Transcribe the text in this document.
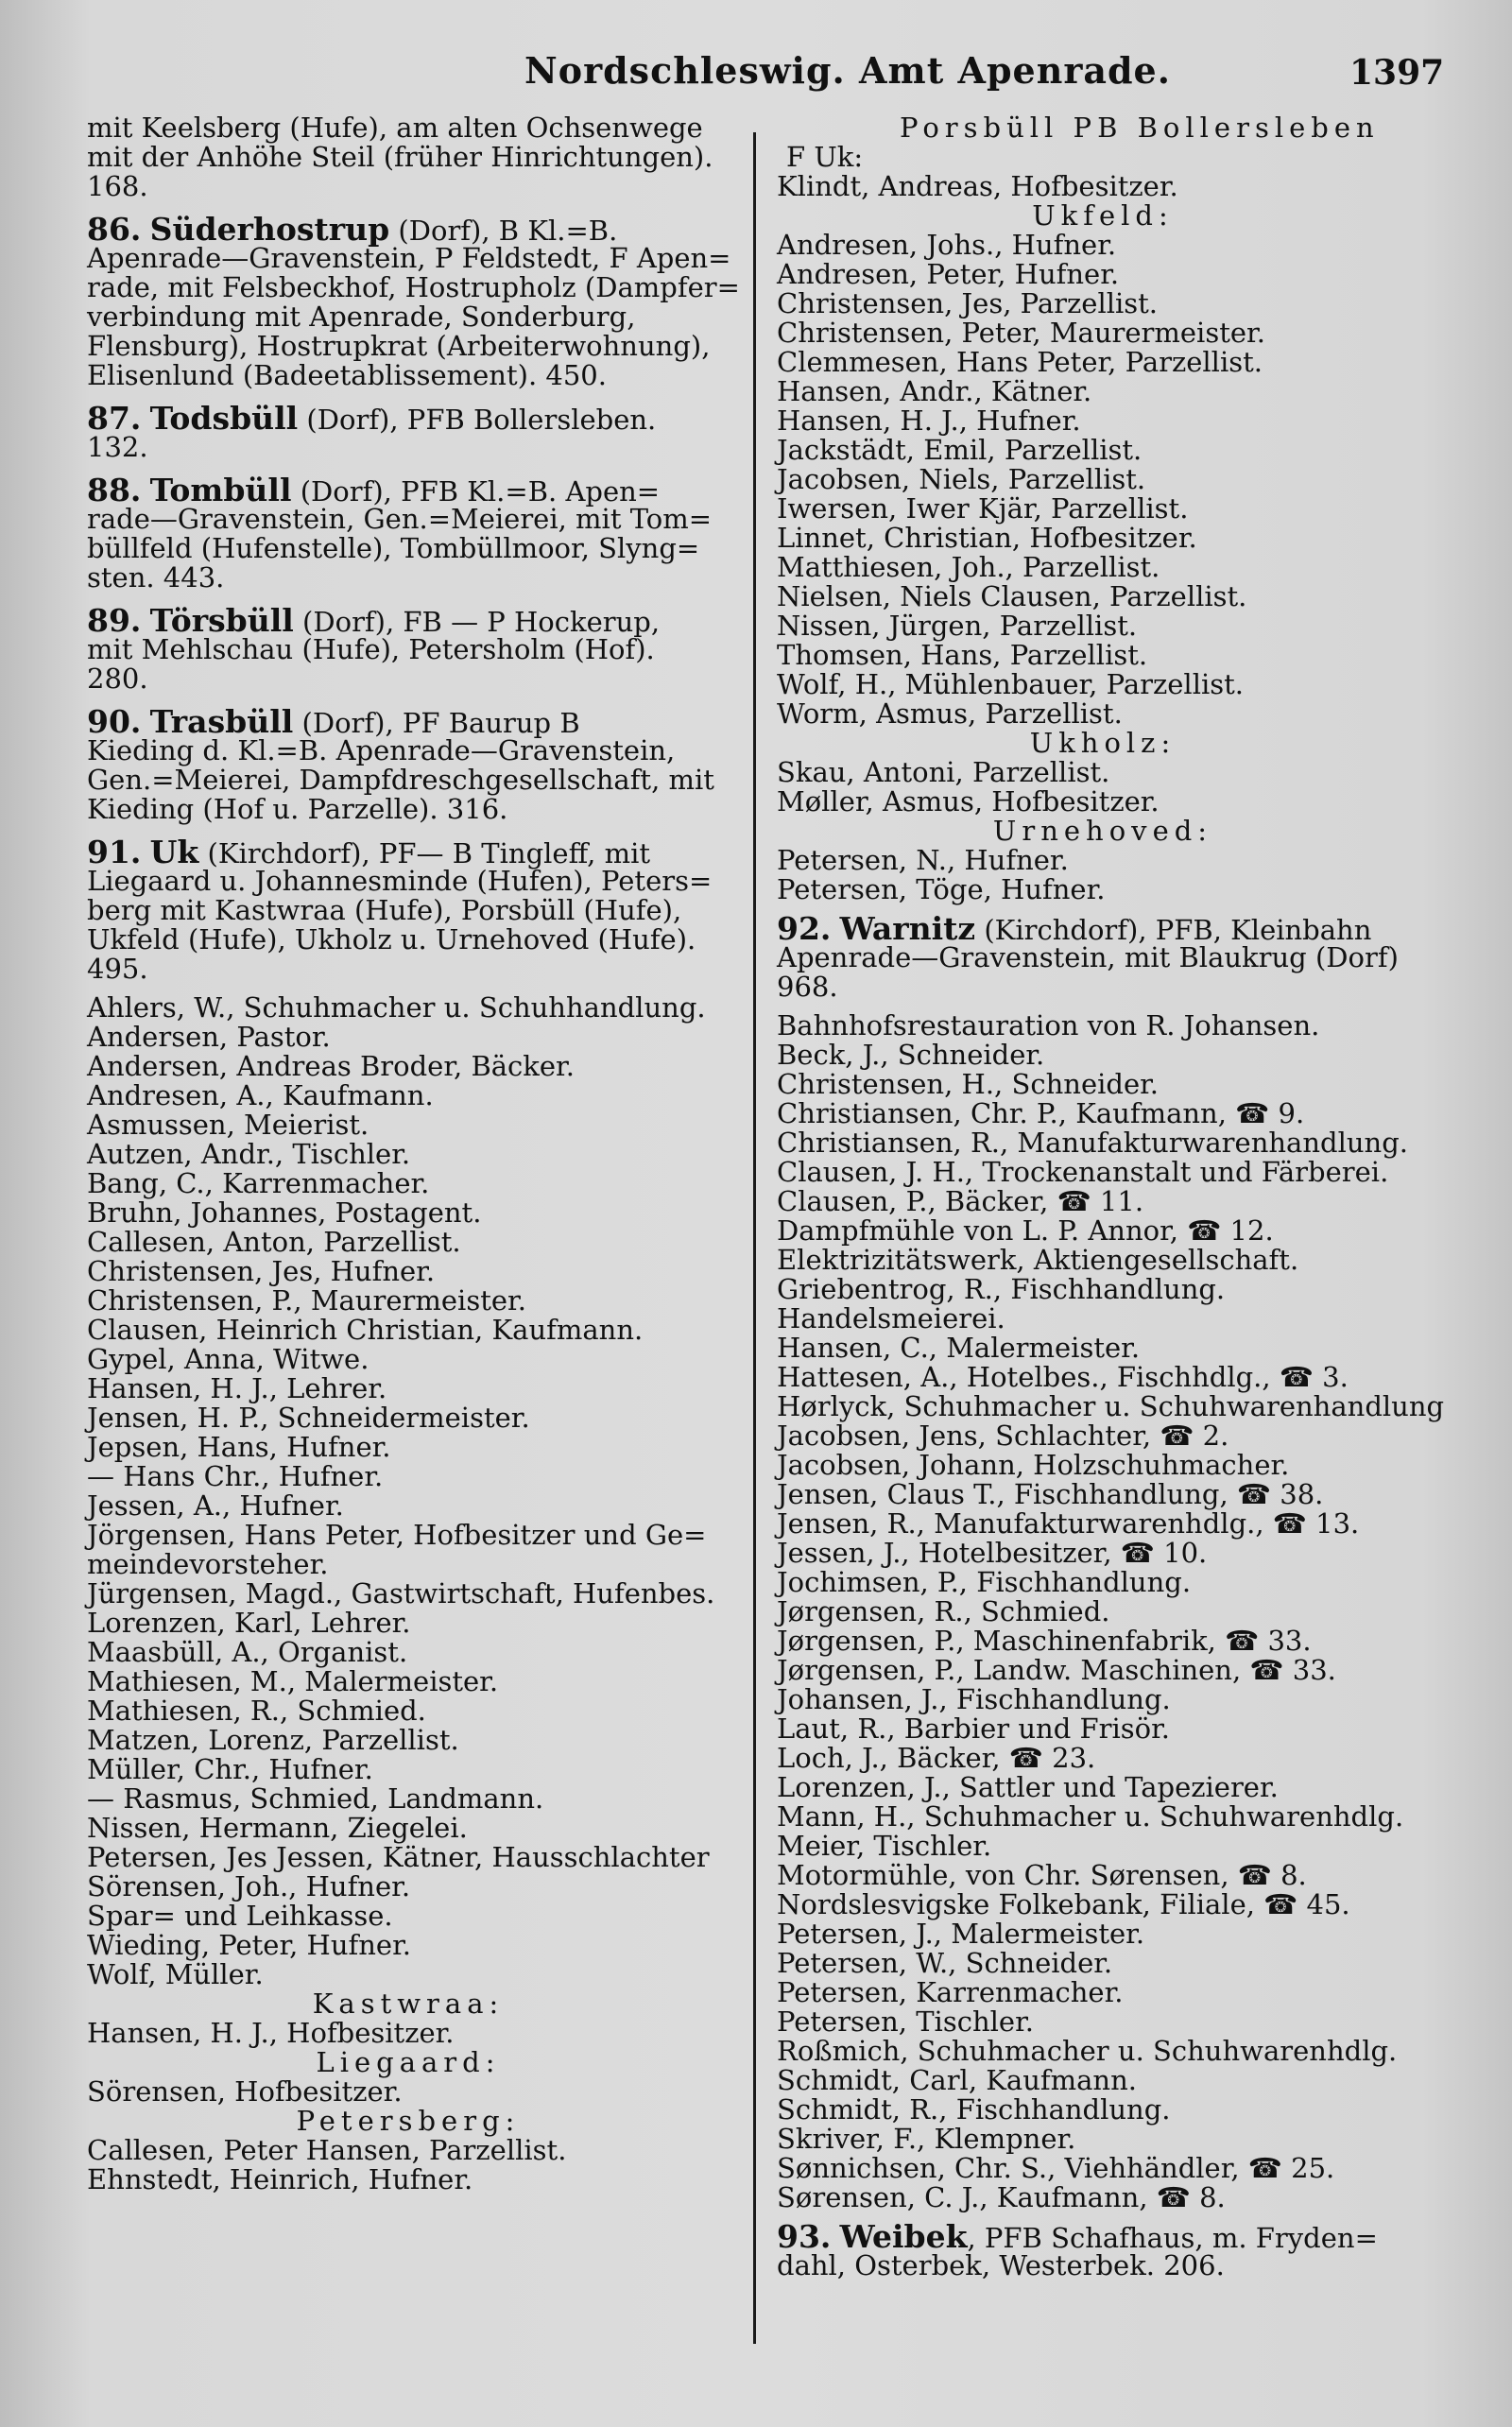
Nordschleswig. Amt Apenrade.	1397
mit Keelsberg (Hufe), am alten Ochsenwege
mit der Anhöhe Steil (früher Hinrichtungen).
168.
86. Süderhostrup (Dorf), B Kl.=B.
Apenrade—Gravenstein, P Feldstedt, F Apen=
rade, mit Felsbeckhof, Hostrupholz (Dampfer=
verbindung mit Apenrade, Sonderburg,
Flensburg), Hostrupkrat (Arbeiterwohnung),
Elisenlund (Badeetablissement). 450.
87. Todsbüll (Dorf), PFB Bollersleben.
132.
88. Tombüll (Dorf), PFB Kl.=B. Apen=
rade—Gravenstein, Gen.=Meierei, mit Tom=
büllfeld (Hufenstelle), Tombüllmoor, Slyng=
sten. 443.
89. Törsbüll (Dorf), FB — P Hockerup,
mit Mehlschau (Hufe), Petersholm (Hof).
280.
90. Trasbüll (Dorf), PF Baurup B
Kieding d. Kl.=B. Apenrade—Gravenstein,
Gen.=Meierei, Dampfdreschgesellschaft, mit
Kieding (Hof u. Parzelle). 316.
91. Uk (Kirchdorf), PF— B Tingleff, mit
Liegaard u. Johannesminde (Hufen), Peters=
berg mit Kastwraa (Hufe), Porsbüll (Hufe),
Ukfeld (Hufe), Ukholz u. Urnehoved (Hufe).
495.
Ahlers, W., Schuhmacher u. Schuhhandlung.
Andersen, Pastor.
Andersen, Andreas Broder, Bäcker.
Andresen, A., Kaufmann.
Asmussen, Meierist.
Autzen, Andr., Tischler.
Bang, C., Karrenmacher.
Bruhn, Johannes, Postagent.
Callesen, Anton, Parzellist.
Christensen, Jes, Hufner.
Christensen, P., Maurermeister.
Clausen, Heinrich Christian, Kaufmann.
Gypel, Anna, Witwe.
Hansen, H. J., Lehrer.
Jensen, H. P., Schneidermeister.
Jepsen, Hans, Hufner.
— Hans Chr., Hufner.
Jessen, A., Hufner.
Jörgensen, Hans Peter, Hofbesitzer und Ge=
meindevorsteher.
Jürgensen, Magd., Gastwirtschaft, Hufenbes.
Lorenzen, Karl, Lehrer.
Maasbüll, A., Organist.
Mathiesen, M., Malermeister.
Mathiesen, R., Schmied.
Matzen, Lorenz, Parzellist.
Müller, Chr., Hufner.
— Rasmus, Schmied, Landmann.
Nissen, Hermann, Ziegelei.
Petersen, Jes Jessen, Kätner, Hausschlachter
Sörensen, Joh., Hufner.
Spar= und Leihkasse.
Wieding, Peter, Hufner.
Wolf, Müller.
Kastwraa:
Hansen, H. J., Hofbesitzer.
Liegaard:
Sörensen, Hofbesitzer.
Petersberg:
Callesen, Peter Hansen, Parzellist.
Ehnstedt, Heinrich, Hufner.
Porsbüll PB Bollersleben
F Uk:
Klindt, Andreas, Hofbesitzer.
Ukfeld:
Andresen, Johs., Hufner.
Andresen, Peter, Hufner.
Christensen, Jes, Parzellist.
Christensen, Peter, Maurermeister.
Clemmesen, Hans Peter, Parzellist.
Hansen, Andr., Kätner.
Hansen, H. J., Hufner.
Jackstädt, Emil, Parzellist.
Jacobsen, Niels, Parzellist.
Iwersen, Iwer Kjär, Parzellist.
Linnet, Christian, Hofbesitzer.
Matthiesen, Joh., Parzellist.
Nielsen, Niels Clausen, Parzellist.
Nissen, Jürgen, Parzellist.
Thomsen, Hans, Parzellist.
Wolf, H., Mühlenbauer, Parzellist.
Worm, Asmus, Parzellist.
Ukholz:
Skau, Antoni, Parzellist.
Møller, Asmus, Hofbesitzer.
Urnehoved:
Petersen, N., Hufner.
Petersen, Töge, Hufner.
92. Warnitz (Kirchdorf), PFB, Kleinbahn
Apenrade—Gravenstein, mit Blaukrug (Dorf)
968.
Bahnhofsrestauration von R. Johansen.
Beck, J., Schneider.
Christensen, H., Schneider.
Christiansen, Chr. P., Kaufmann, ☎ 9.
Christiansen, R., Manufakturwarenhandlung.
Clausen, J. H., Trockenanstalt und Färberei.
Clausen, P., Bäcker, ☎ 11.
Dampfmühle von L. P. Annor, ☎ 12.
Elektrizitätswerk, Aktiengesellschaft.
Griebentrog, R., Fischhandlung.
Handelsmeierei.
Hansen, C., Malermeister.
Hattesen, A., Hotelbes., Fischhdlg., ☎ 3.
Hørlyck, Schuhmacher u. Schuhwarenhandlung
Jacobsen, Jens, Schlachter, ☎ 2.
Jacobsen, Johann, Holzschuhmacher.
Jensen, Claus T., Fischhandlung, ☎ 38.
Jensen, R., Manufakturwarenhdlg., ☎ 13.
Jessen, J., Hotelbesitzer, ☎ 10.
Jochimsen, P., Fischhandlung.
Jørgensen, R., Schmied.
Jørgensen, P., Maschinenfabrik, ☎ 33.
Jørgensen, P., Landw. Maschinen, ☎ 33.
Johansen, J., Fischhandlung.
Laut, R., Barbier und Frisör.
Loch, J., Bäcker, ☎ 23.
Lorenzen, J., Sattler und Tapezierer.
Mann, H., Schuhmacher u. Schuhwarenhdlg.
Meier, Tischler.
Motormühle, von Chr. Sørensen, ☎ 8.
Nordslesvigske Folkebank, Filiale, ☎ 45.
Petersen, J., Malermeister.
Petersen, W., Schneider.
Petersen, Karrenmacher.
Petersen, Tischler.
Roßmich, Schuhmacher u. Schuhwarenhdlg.
Schmidt, Carl, Kaufmann.
Schmidt, R., Fischhandlung.
Skriver, F., Klempner.
Sønnichsen, Chr. S., Viehhändler, ☎ 25.
Sørensen, C. J., Kaufmann, ☎ 8.
93. Weibek, PFB Schafhaus, m. Fryden=
dahl, Osterbek, Westerbek. 206.
